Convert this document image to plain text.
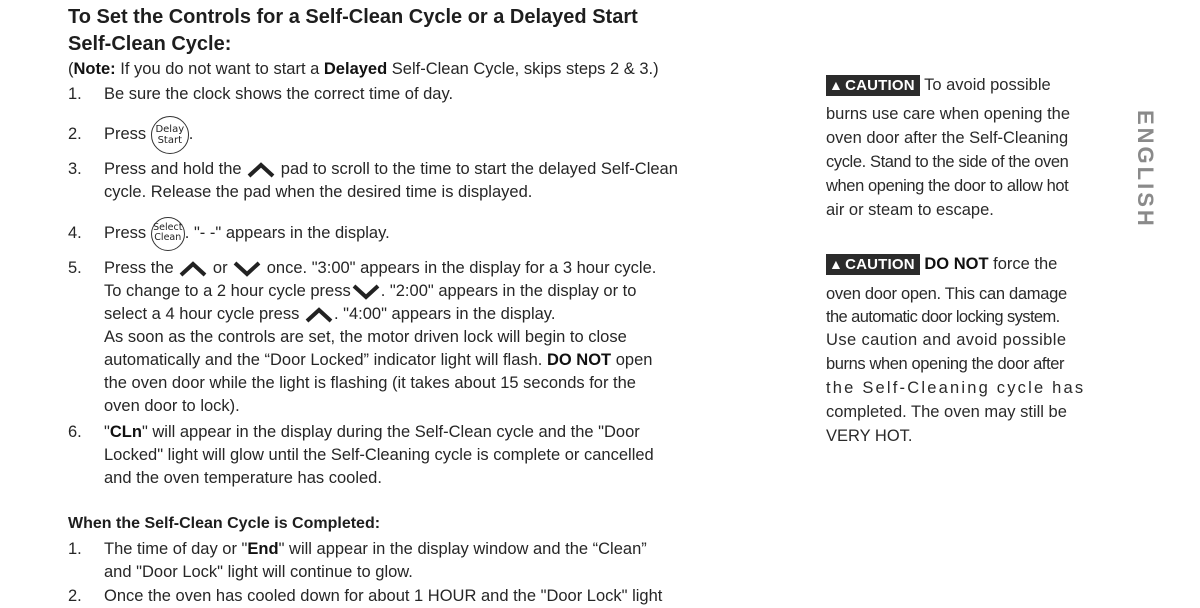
To Set the Controls for a Self-Clean Cycle or a Delayed Start
Self-Clean Cycle:
(Note: If you do not want to start a Delayed Self-Clean Cycle, skips steps 2 & 3.)
1. Be sure the clock shows the correct time of day.
2. Press Delay
Start .
3. Press and hold the pad to scroll to the time to start the delayed Self-Clean
cycle. Release the pad when the desired time is displayed.
4. Press Select
Clean . "- -" appears in the display.
5. Press the or once. "3:00" appears in the display for a 3 hour cycle.
To change to a 2 hour cycle press . "2:00" appears in the display or to
select a 4 hour cycle press . "4:00" appears in the display.
As soon as the controls are set, the motor driven lock will begin to close
automatically and the “Door Locked” indicator light will flash. DO NOT open
the oven door while the light is flashing (it takes about 15 seconds for the
oven door to lock).
6. "CLn" will appear in the display during the Self-Clean cycle and the "Door
Locked" light will glow until the Self-Cleaning cycle is complete or cancelled
and the oven temperature has cooled.
When the Self-Clean Cycle is Completed:
1. The time of day or "End" will appear in the display window and the “Clean”
and "Door Lock" light will continue to glow.
2. Once the oven has cooled down for about 1 HOUR and the "Door Lock" light
▲ CAUTION To avoid possible
burns use care when opening the
oven door after the Self-Cleaning
cycle. Stand to the side of the oven
when opening the door to allow hot
air or steam to escape.
▲ CAUTION DO NOT force the
oven door open. This can damage
the automatic door locking system.
Use caution and avoid possible
burns when opening the door after
the Self-Cleaning cycle has
completed. The oven may still be
VERY HOT.
ENGLISH
